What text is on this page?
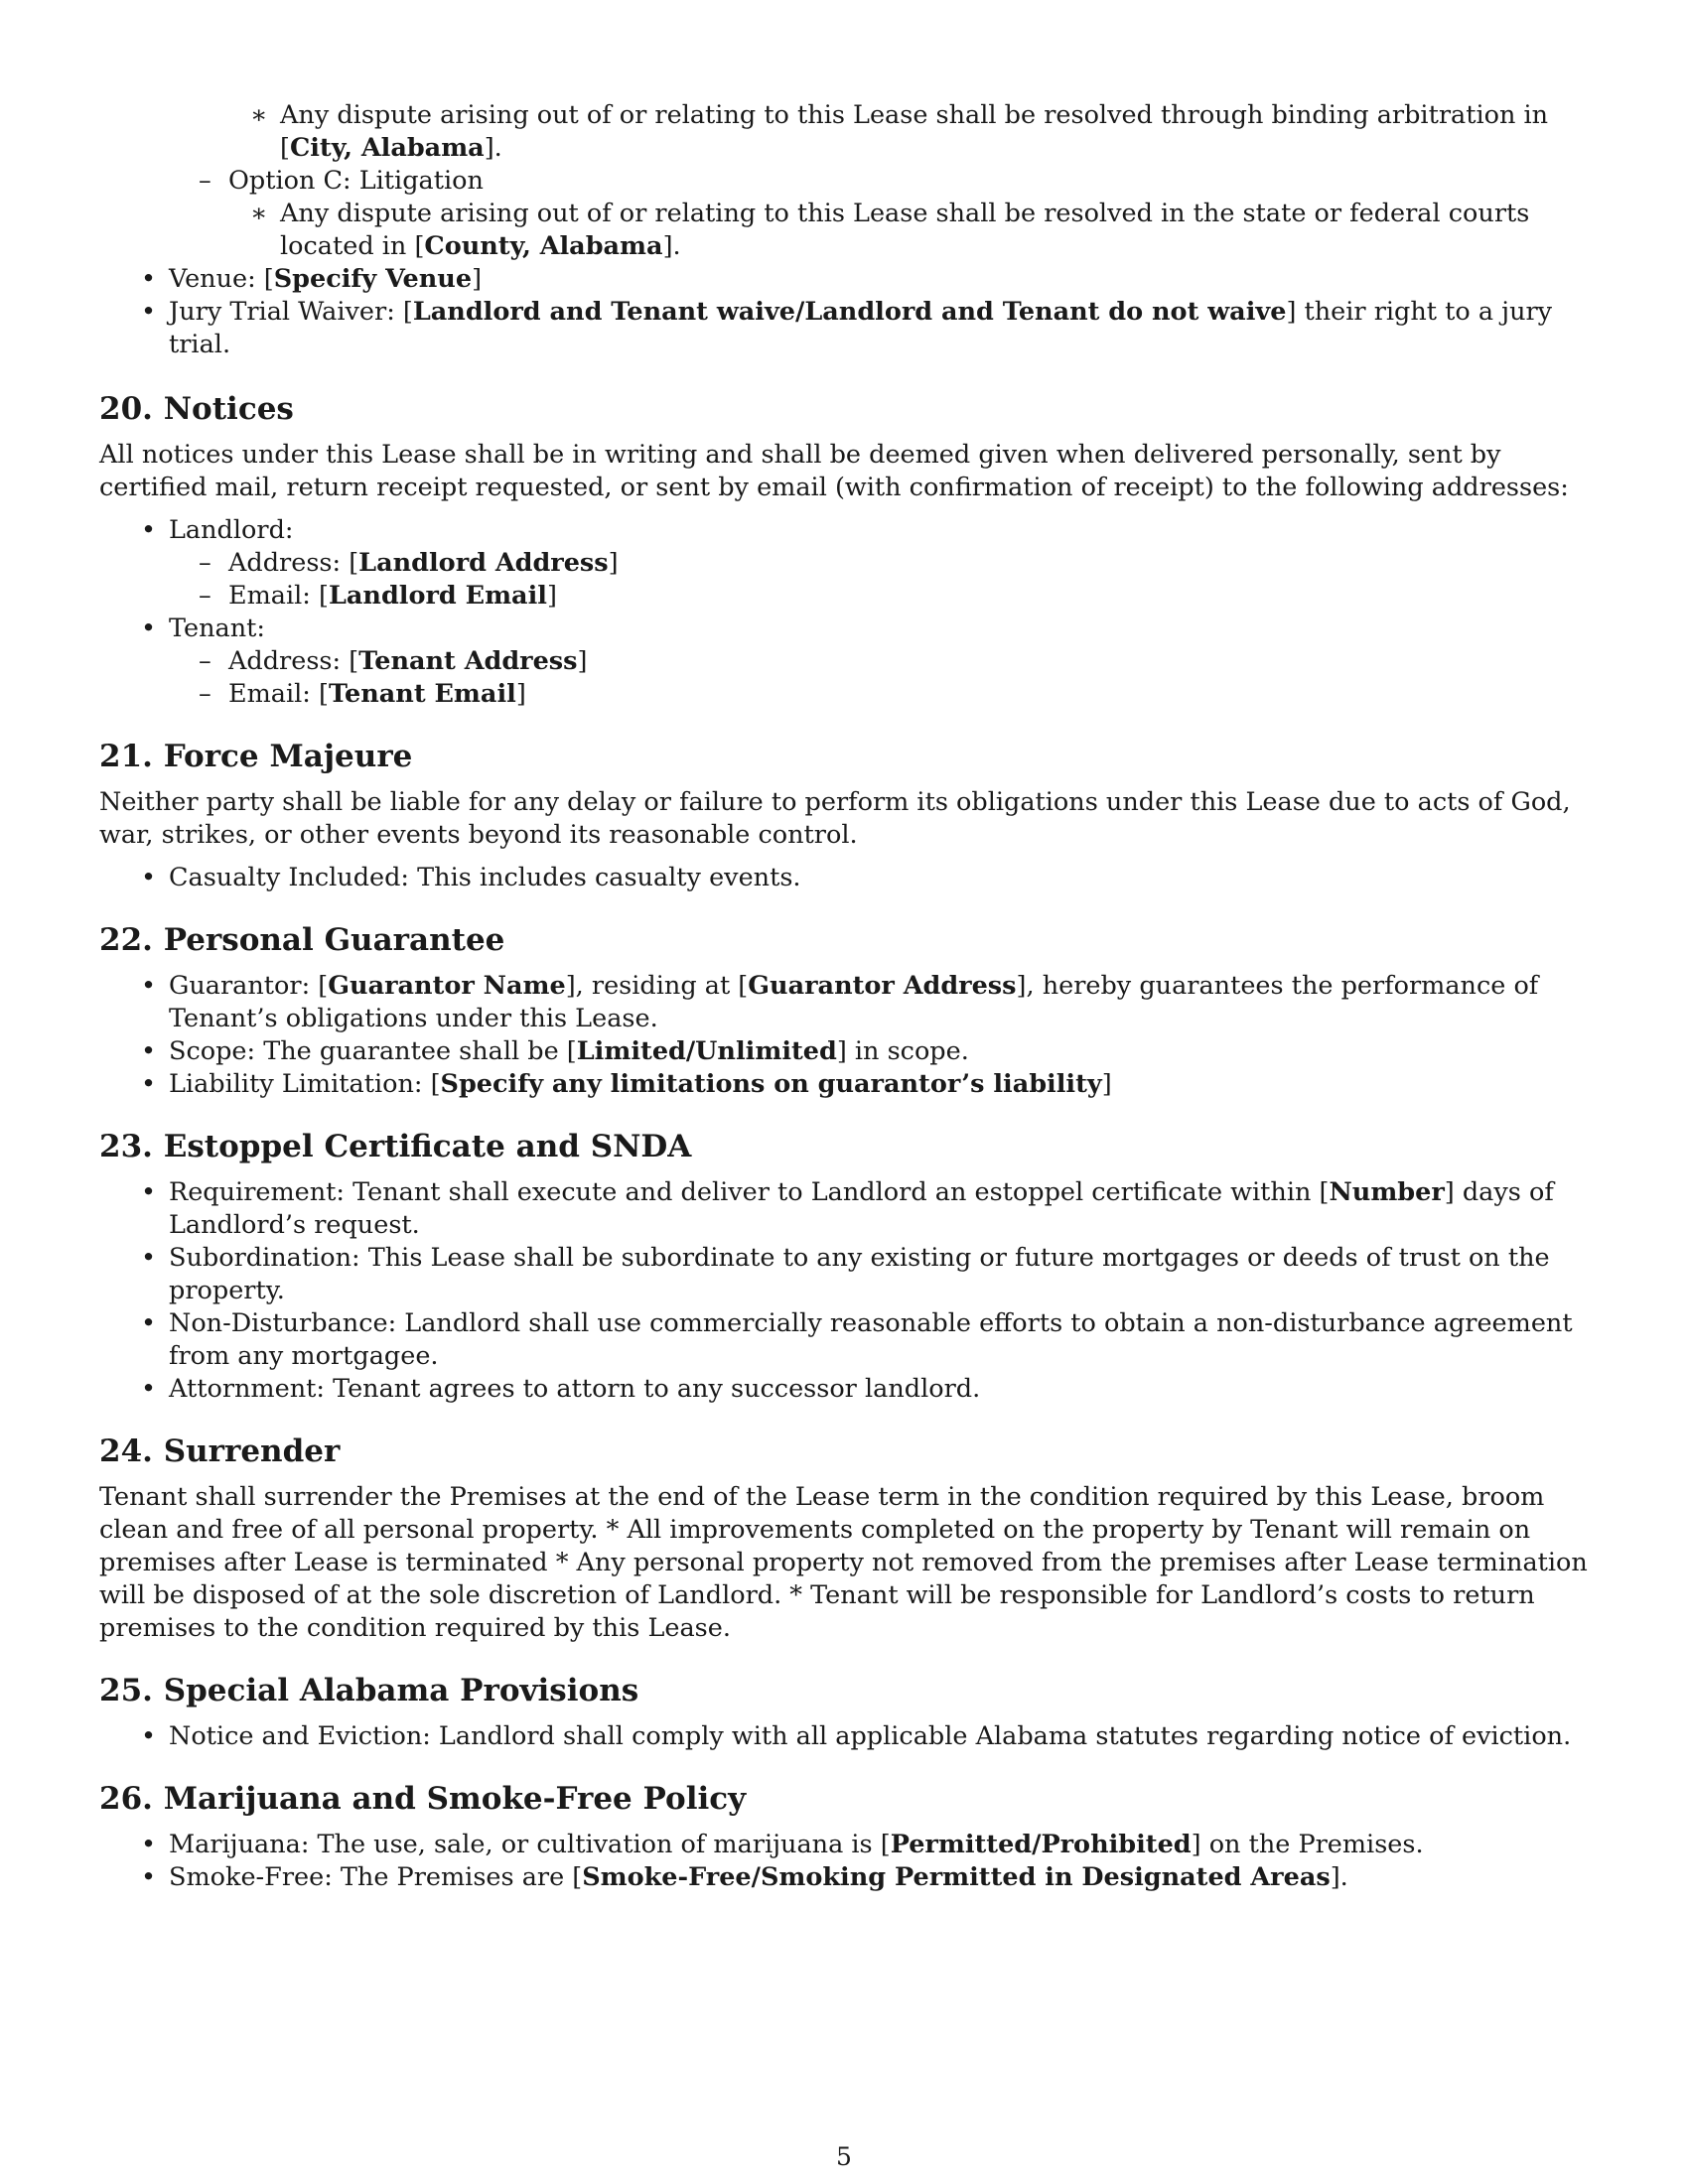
∗ Any dispute arising out of or relating to this Lease shall be resolved through binding arbitration in [City, Alabama].
– Option C: Litigation
∗ Any dispute arising out of or relating to this Lease shall be resolved in the state or federal courts located in [County, Alabama].
• Venue: [Specify Venue]
• Jury Trial Waiver: [Landlord and Tenant waive/Landlord and Tenant do not waive] their right to a jury trial.
20. Notices

All notices under this Lease shall be in writing and shall be deemed given when delivered personally, sent by certified mail, return receipt requested, or sent by email (with confirmation of receipt) to the following addresses:

• Landlord:
– Address: [Landlord Address]
– Email: [Landlord Email]
• Tenant:
– Address: [Tenant Address]
– Email: [Tenant Email]
21. Force Majeure

Neither party shall be liable for any delay or failure to perform its obligations under this Lease due to acts of God, war, strikes, or other events beyond its reasonable control.

• Casualty Included: This includes casualty events.
22. Personal Guarantee
• Guarantor: [Guarantor Name], residing at [Guarantor Address], hereby guarantees the performance of Tenant’s obligations under this Lease.
• Scope: The guarantee shall be [Limited/Unlimited] in scope.
• Liability Limitation: [Specify any limitations on guarantor’s liability]
23. Estoppel Certificate and SNDA
• Requirement: Tenant shall execute and deliver to Landlord an estoppel certificate within [Number] days of Landlord’s request.
• Subordination: This Lease shall be subordinate to any existing or future mortgages or deeds of trust on the property.
• Non-Disturbance: Landlord shall use commercially reasonable efforts to obtain a non-disturbance agreement from any mortgagee.
• Attornment: Tenant agrees to attorn to any successor landlord.
24. Surrender

Tenant shall surrender the Premises at the end of the Lease term in the condition required by this Lease, broom clean and free of all personal property. * All improvements completed on the property by Tenant will remain on premises after Lease is terminated * Any personal property not removed from the premises after Lease termination will be disposed of at the sole discretion of Landlord. * Tenant will be responsible for Landlord’s costs to return premises to the condition required by this Lease.

25. Special Alabama Provisions
• Notice and Eviction: Landlord shall comply with all applicable Alabama statutes regarding notice of eviction.
26. Marijuana and Smoke-Free Policy
• Marijuana: The use, sale, or cultivation of marijuana is [Permitted/Prohibited] on the Premises.
• Smoke-Free: The Premises are [Smoke-Free/Smoking Permitted in Designated Areas].
5
